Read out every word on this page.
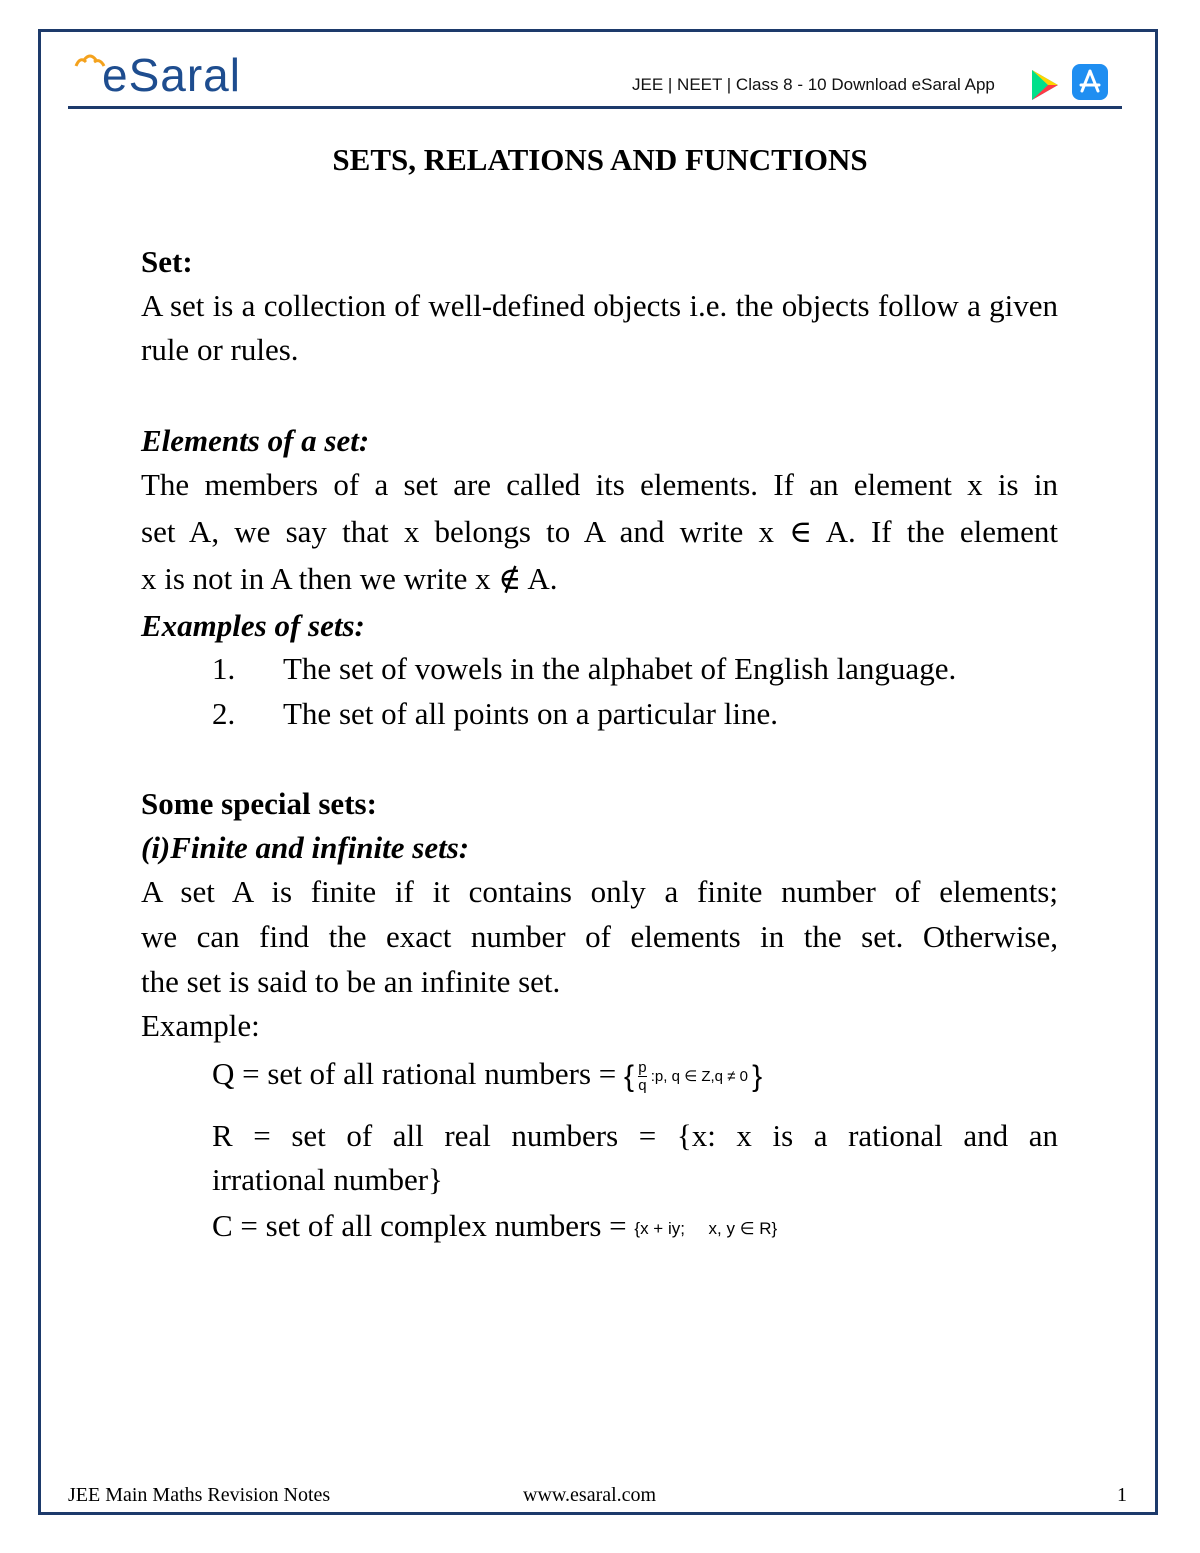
eSaral	JEE | NEET | Class 8 - 10 Download eSaral App
SETS, RELATIONS AND FUNCTIONS
Set:
A set is a collection of well-defined objects i.e. the objects follow a given rule or rules.
Elements of a set:
The members of a set are called its elements. If an element x is in
set A, we say that x belongs to A and write x ∈ A. If the element
x is not in A then we write x ∉ A.
Examples of sets:
1. The set of vowels in the alphabet of English language.
2. The set of all points on a particular line.
Some special sets:
(i)Finite and infinite sets:
A set A is finite if it contains only a finite number of elements;
we can find the exact number of elements in the set. Otherwise,
the set is said to be an infinite set.
Example:
Q = set of all rational numbers = { $\frac{p}{q}$ :p, q ∈ Z,q ≠ 0 }
R = set of all real numbers = {x: x is a rational and an
irrational number}
C = set of all complex numbers = {x + iy;     x, y ∈ R}
JEE Main Maths Revision Notes	www.esaral.com	1
